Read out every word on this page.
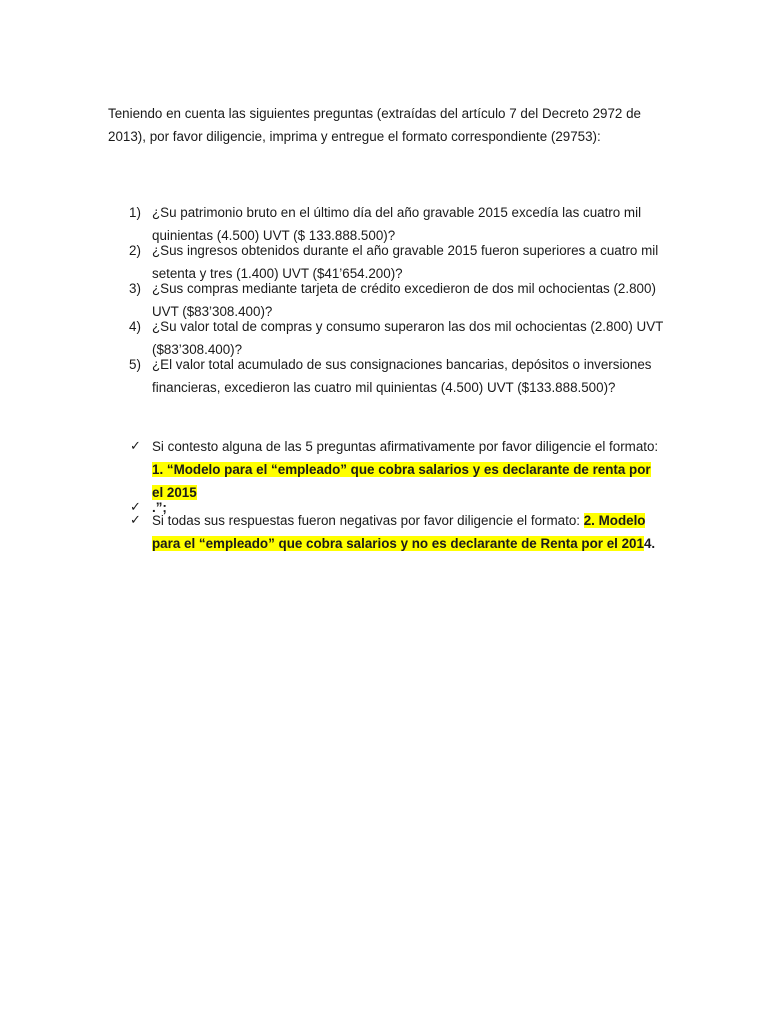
Teniendo en cuenta las siguientes preguntas (extraídas del artículo 7 del Decreto 2972 de 2013), por favor diligencie, imprima y entregue el formato correspondiente (29753):
1) ¿Su patrimonio bruto en el último día del año gravable 2015 excedía las cuatro mil quinientas (4.500) UVT ($ 133.888.500)?
2) ¿Sus ingresos obtenidos durante el año gravable 2015 fueron superiores a cuatro mil setenta y tres (1.400) UVT ($41’654.200)?
3) ¿Sus compras mediante tarjeta de crédito excedieron de dos mil ochocientas (2.800) UVT ($83’308.400)?
4) ¿Su valor total de compras y consumo superaron las dos mil ochocientas (2.800) UVT ($83’308.400)?
5) ¿El valor total acumulado de sus consignaciones bancarias, depósitos o inversiones financieras, excedieron las cuatro mil quinientas (4.500) UVT ($133.888.500)?
✓ Si contesto alguna de las 5 preguntas afirmativamente por favor diligencie el formato: 1. “Modelo para el “empleado” que cobra salarios y es declarante de renta por el 2015
✓ .”;
✓ Si todas sus respuestas fueron negativas por favor diligencie el formato: 2. Modelo para el “empleado” que cobra salarios y no es declarante de Renta por el 2014.
